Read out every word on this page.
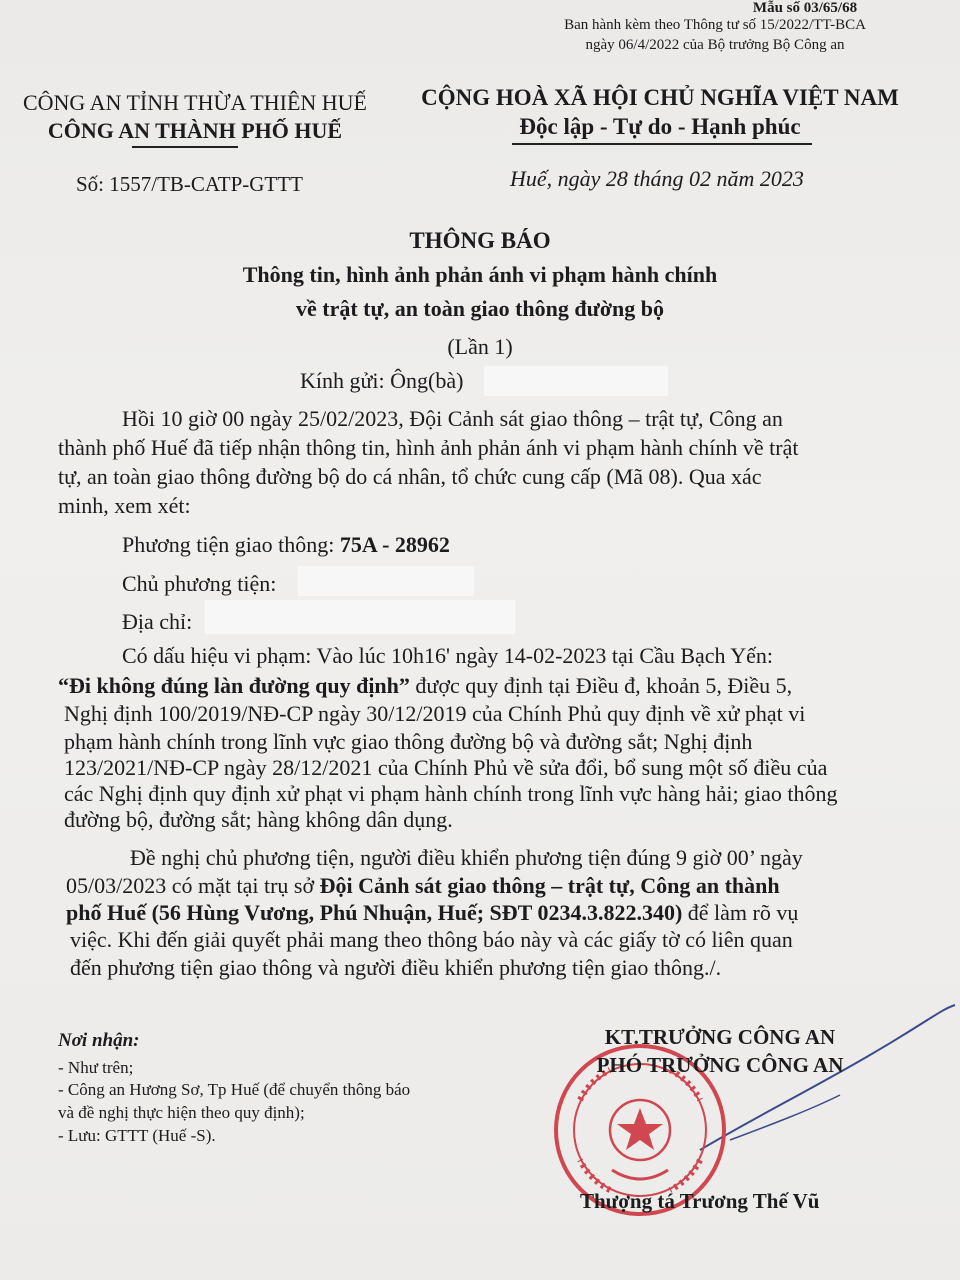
Mẫu số 03/65/68
Ban hành kèm theo Thông tư số 15/2022/TT-BCA
ngày 06/4/2022 của Bộ trưởng Bộ Công an
CÔNG AN TỈNH THỪA THIÊN HUẾ
CÔNG AN THÀNH PHỐ HUẾ
CỘNG HOÀ XÃ HỘI CHỦ NGHĨA VIỆT NAM
Độc lập - Tự do - Hạnh phúc
Số: 1557/TB-CATP-GTTT	Huế, ngày 28 tháng 02 năm 2023
THÔNG BÁO
Thông tin, hình ảnh phản ánh vi phạm hành chính
về trật tự, an toàn giao thông đường bộ
(Lần 1)
Kính gửi: Ông(bà)
Hồi 10 giờ 00 ngày 25/02/2023, Đội Cảnh sát giao thông – trật tự, Công an
thành phố Huế đã tiếp nhận thông tin, hình ảnh phản ánh vi phạm hành chính về trật
tự, an toàn giao thông đường bộ do cá nhân, tổ chức cung cấp (Mã 08). Qua xác
minh, xem xét:
Phương tiện giao thông: 75A - 28962
Chủ phương tiện:
Địa chỉ:
Có dấu hiệu vi phạm: Vào lúc 10h16' ngày 14-02-2023 tại Cầu Bạch Yến:
“Đi không đúng làn đường quy định” được quy định tại Điều đ, khoản 5, Điều 5,
Nghị định 100/2019/NĐ-CP ngày 30/12/2019 của Chính Phủ quy định về xử phạt vi
phạm hành chính trong lĩnh vực giao thông đường bộ và đường sắt; Nghị định
123/2021/NĐ-CP ngày 28/12/2021 của Chính Phủ về sửa đổi, bổ sung một số điều của
các Nghị định quy định xử phạt vi phạm hành chính trong lĩnh vực hàng hải; giao thông
đường bộ, đường sắt; hàng không dân dụng.
Đề nghị chủ phương tiện, người điều khiển phương tiện đúng 9 giờ 00’ ngày
05/03/2023 có mặt tại trụ sở Đội Cảnh sát giao thông – trật tự, Công an thành
phố Huế (56 Hùng Vương, Phú Nhuận, Huế; SĐT 0234.3.822.340) để làm rõ vụ
việc. Khi đến giải quyết phải mang theo thông báo này và các giấy tờ có liên quan
đến phương tiện giao thông và người điều khiển phương tiện giao thông./.
Nơi nhận:
- Như trên;
- Công an Hương Sơ, Tp Huế (để chuyển thông báo
và đề nghị thực hiện theo quy định);
- Lưu: GTTT (Huế -S).
KT.TRƯỞNG CÔNG AN
PHÓ TRƯỞNG CÔNG AN
Thượng tá Trương Thế Vũ
